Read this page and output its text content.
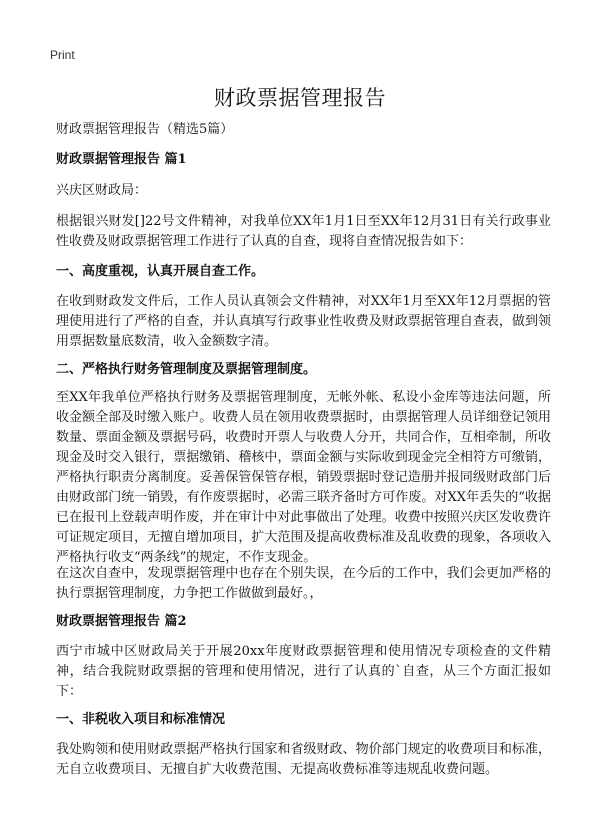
Print
财政票据管理报告
财政票据管理报告（精选5篇）
财政票据管理报告 篇1
兴庆区财政局：
根据银兴财发[]22号文件精神，对我单位XX年1月1日至XX年12月31日有关行政事业性收费及财政票据管理工作进行了认真的自查，现将自查情况报告如下：
一、高度重视，认真开展自查工作。
在收到财政发文件后，工作人员认真领会文件精神，对XX年1月至XX年12月票据的管理使用进行了严格的自查，并认真填写行政事业性收费及财政票据管理自查表，做到领用票据数量底数清，收入金额数字清。
二、严格执行财务管理制度及票据管理制度。
至XX年我单位严格执行财务及票据管理制度，无帐外帐、私设小金库等违法问题，所收金额全部及时缴入账户。收费人员在领用收费票据时，由票据管理人员详细登记领用数量、票面金额及票据号码，收费时开票人与收费人分开，共同合作，互相牵制，所收现金及时交入银行，票据缴销、稽核中，票面金额与实际收到现金完全相符方可缴销，严格执行职责分离制度。妥善保管保管存根，销毁票据时登记造册并报同级财政部门后由财政部门统一销毁，有作废票据时，必需三联齐备时方可作废。对XX年丢失的“收据已在报刊上登载声明作废，并在审计中对此事做出了处理。收费中按照兴庆区发收费许可证规定项目，无擅自增加项目，扩大范围及提高收费标准及乱收费的现象，各项收入严格执行收支“两条线”的规定，不作支现金。
在这次自查中，发现票据管理中也存在个别失误，在今后的工作中，我们会更加严格的执行票据管理制度，力争把工作做做到最好。，
财政票据管理报告 篇2
西宁市城中区财政局关于开展20xx年度财政票据管理和使用情况专项检查的文件精神，结合我院财政票据的管理和使用情况，进行了认真的`自查，从三个方面汇报如下：
一、非税收入项目和标准情况
我处购领和使用财政票据严格执行国家和省级财政、物价部门规定的收费项目和标准，无自立收费项目、无擅自扩大收费范围、无提高收费标准等违规乱收费问题。
